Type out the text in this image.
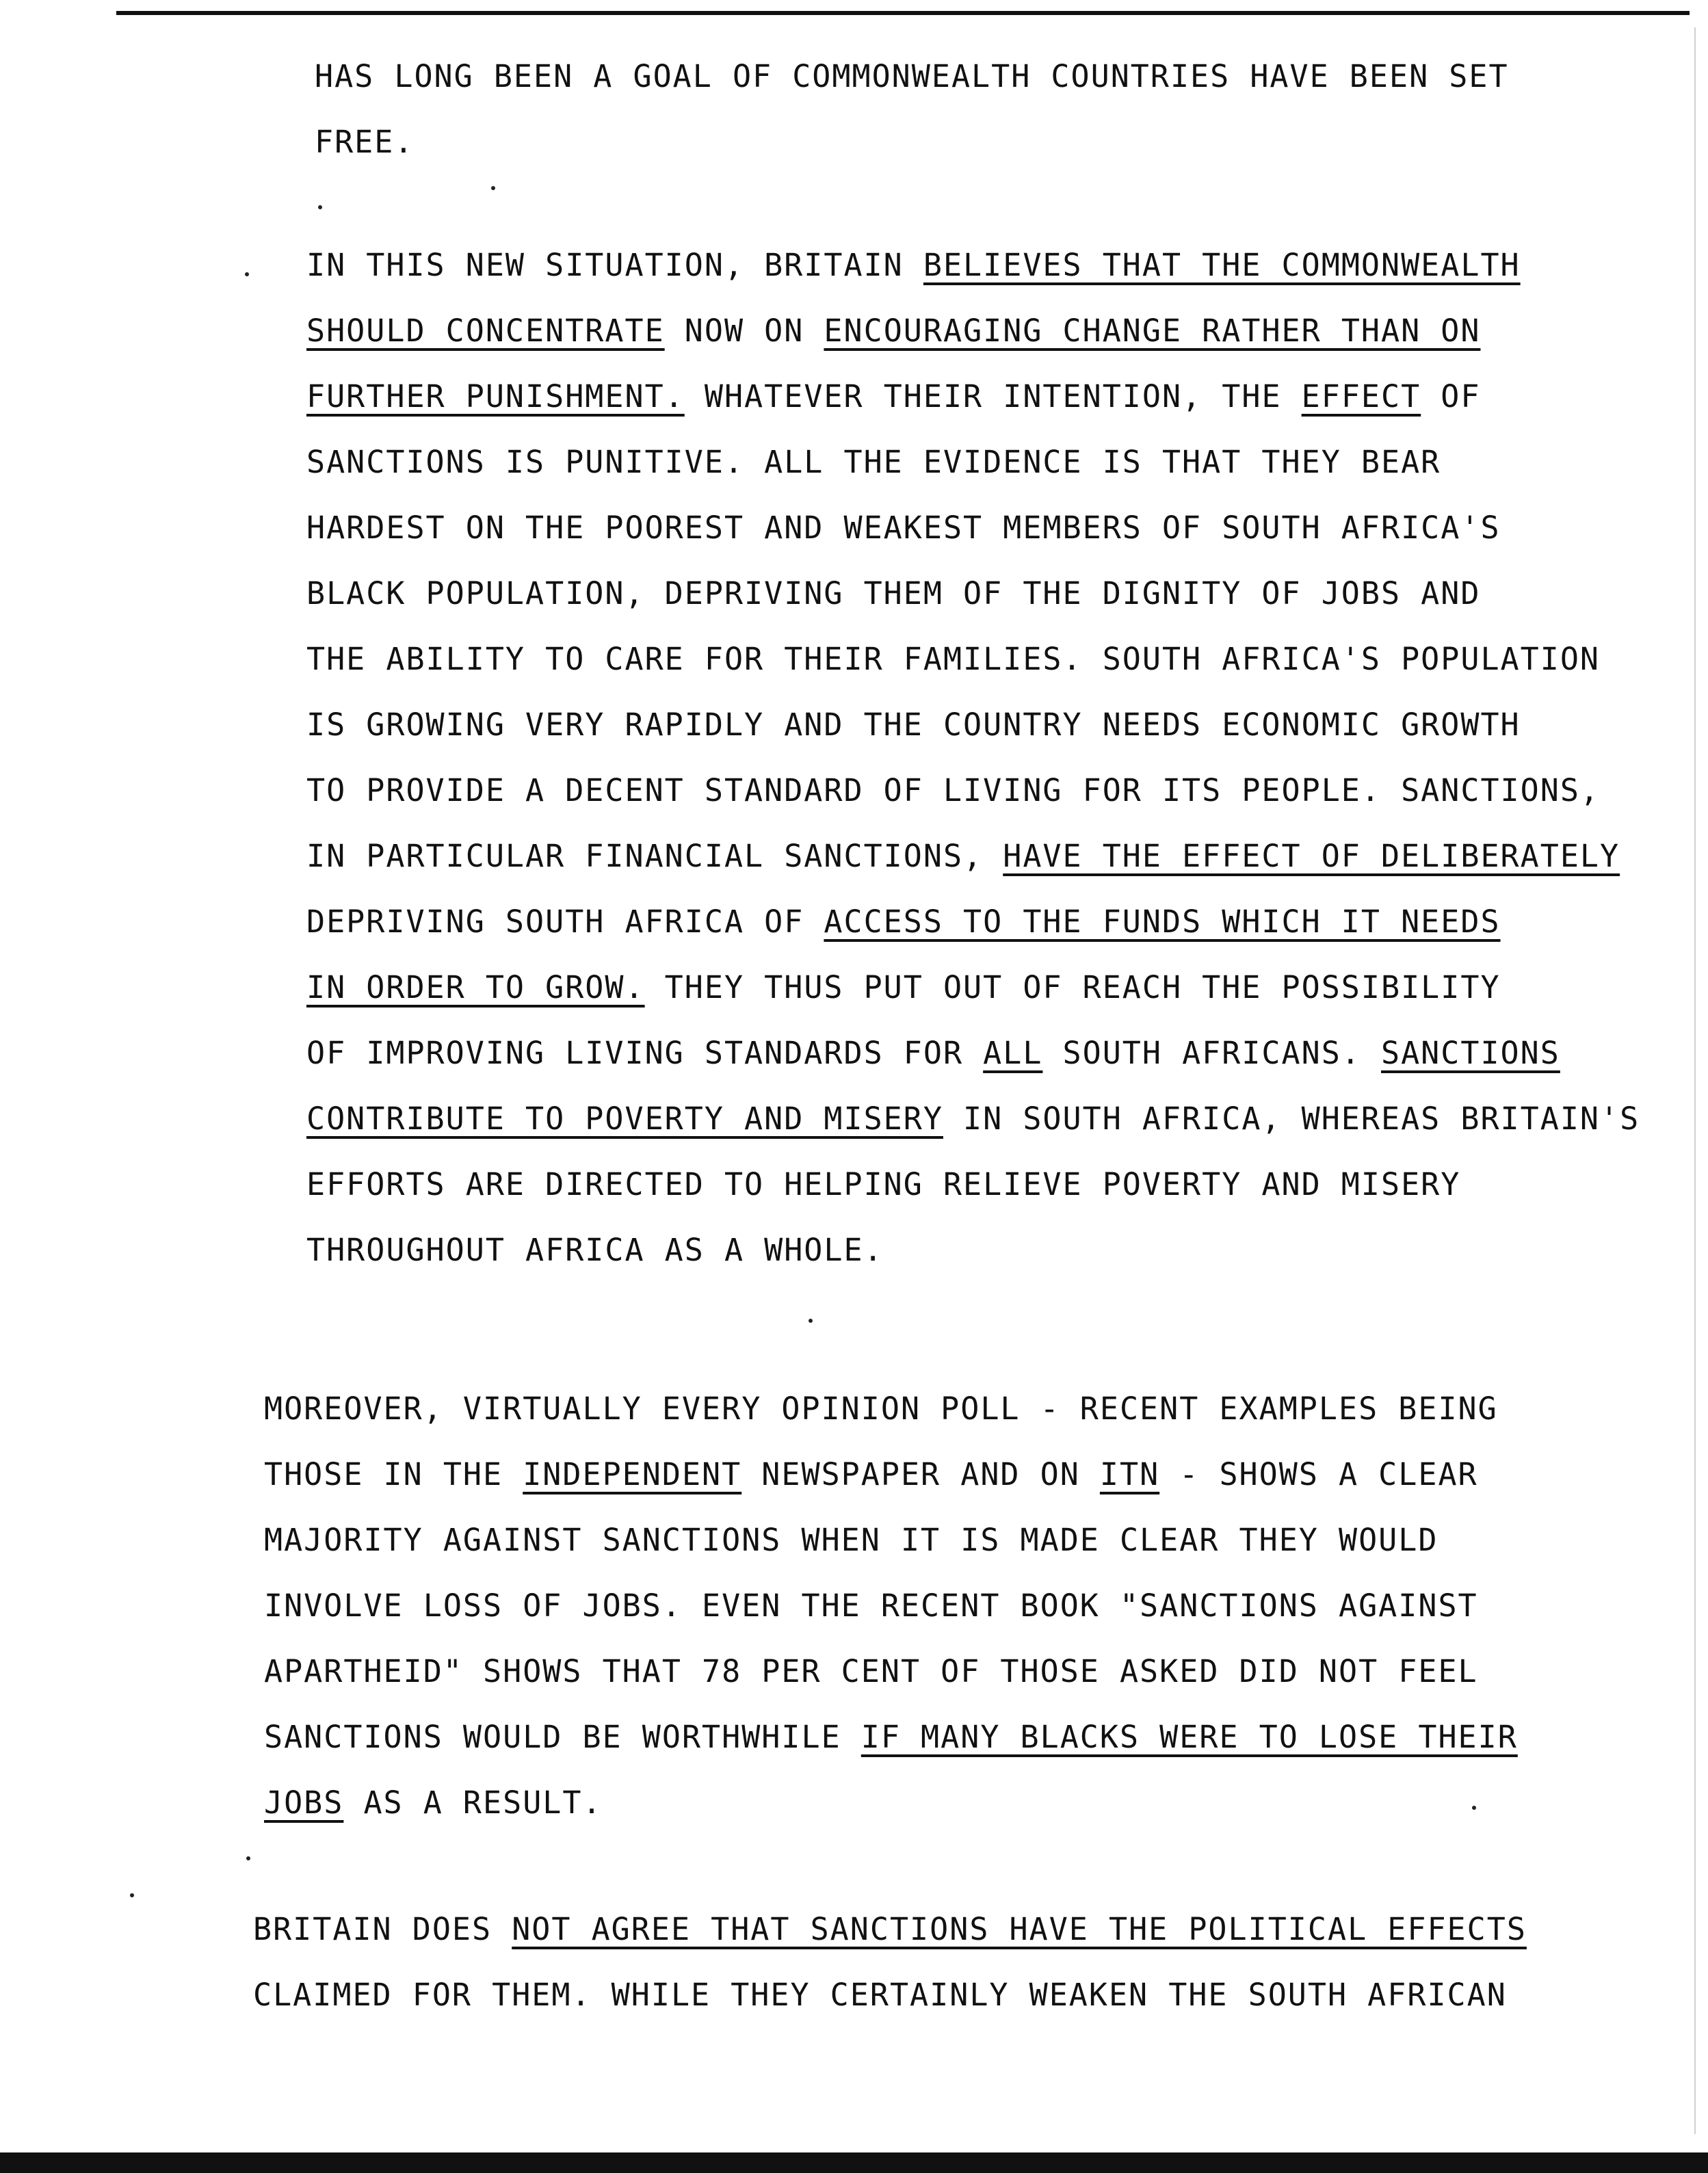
HAS LONG BEEN A GOAL OF COMMONWEALTH COUNTRIES HAVE BEEN SET
FREE.
IN THIS NEW SITUATION, BRITAIN BELIEVES THAT THE COMMONWEALTH
SHOULD CONCENTRATE NOW ON ENCOURAGING CHANGE RATHER THAN ON
FURTHER PUNISHMENT. WHATEVER THEIR INTENTION, THE EFFECT OF
SANCTIONS IS PUNITIVE. ALL THE EVIDENCE IS THAT THEY BEAR
HARDEST ON THE POOREST AND WEAKEST MEMBERS OF SOUTH AFRICA'S
BLACK POPULATION, DEPRIVING THEM OF THE DIGNITY OF JOBS AND
THE ABILITY TO CARE FOR THEIR FAMILIES. SOUTH AFRICA'S POPULATION
IS GROWING VERY RAPIDLY AND THE COUNTRY NEEDS ECONOMIC GROWTH
TO PROVIDE A DECENT STANDARD OF LIVING FOR ITS PEOPLE. SANCTIONS,
IN PARTICULAR FINANCIAL SANCTIONS, HAVE THE EFFECT OF DELIBERATELY
DEPRIVING SOUTH AFRICA OF ACCESS TO THE FUNDS WHICH IT NEEDS
IN ORDER TO GROW. THEY THUS PUT OUT OF REACH THE POSSIBILITY
OF IMPROVING LIVING STANDARDS FOR ALL SOUTH AFRICANS. SANCTIONS
CONTRIBUTE TO POVERTY AND MISERY IN SOUTH AFRICA, WHEREAS BRITAIN'S
EFFORTS ARE DIRECTED TO HELPING RELIEVE POVERTY AND MISERY
THROUGHOUT AFRICA AS A WHOLE.
MOREOVER, VIRTUALLY EVERY OPINION POLL - RECENT EXAMPLES BEING
THOSE IN THE INDEPENDENT NEWSPAPER AND ON ITN - SHOWS A CLEAR
MAJORITY AGAINST SANCTIONS WHEN IT IS MADE CLEAR THEY WOULD
INVOLVE LOSS OF JOBS. EVEN THE RECENT BOOK "SANCTIONS AGAINST
APARTHEID" SHOWS THAT 78 PER CENT OF THOSE ASKED DID NOT FEEL
SANCTIONS WOULD BE WORTHWHILE IF MANY BLACKS WERE TO LOSE THEIR
JOBS AS A RESULT.
BRITAIN DOES NOT AGREE THAT SANCTIONS HAVE THE POLITICAL EFFECTS
CLAIMED FOR THEM. WHILE THEY CERTAINLY WEAKEN THE SOUTH AFRICAN
